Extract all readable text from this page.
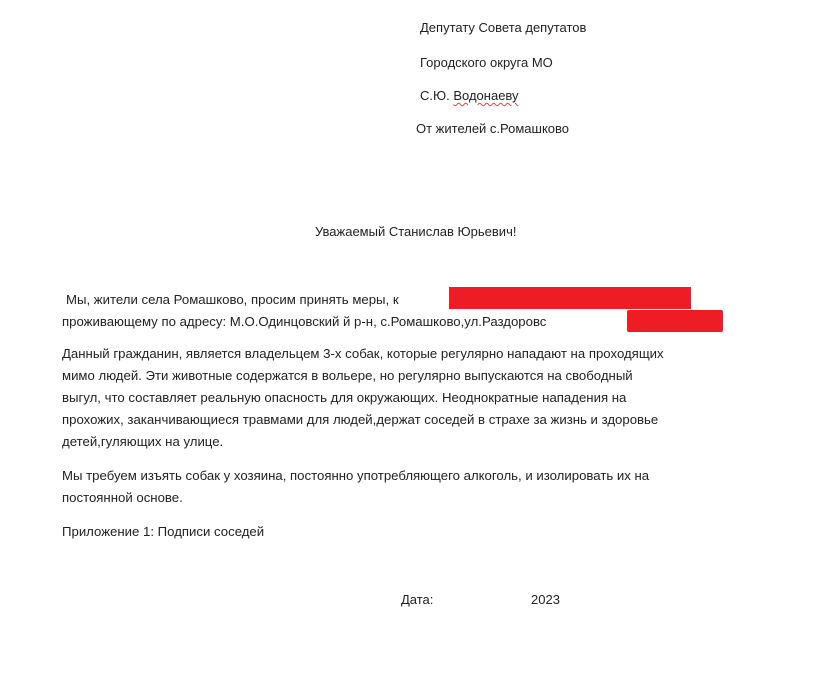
Депутату Совета депутатов

Городского округа МО

С.Ю. Водонаеву

От жителей с.Ромашково

Уважаемый Станислав Юрьевич!

Мы, жители села Ромашково, просим принять меры, к

проживающему по адресу: М.О.Одинцовский й р-н, с.Ромашково,ул.Раздоровс

Данный гражданин, является владельцем 3-х собак, которые регулярно нападают на проходящих

мимо людей. Эти животные содержатся в вольере, но регулярно выпускаются на свободный

выгул, что составляет реальную опасность для окружающих. Неоднократные нападения на

прохожих, заканчивающиеся травмами для людей,держат соседей в страхе за жизнь и здоровье

детей,гуляющих на улице.

Мы требуем изъять собак у хозяина, постоянно употребляющего алкоголь, и изолировать их на

постоянной основе.

Приложение 1: Подписи соседей

Дата:	2023
